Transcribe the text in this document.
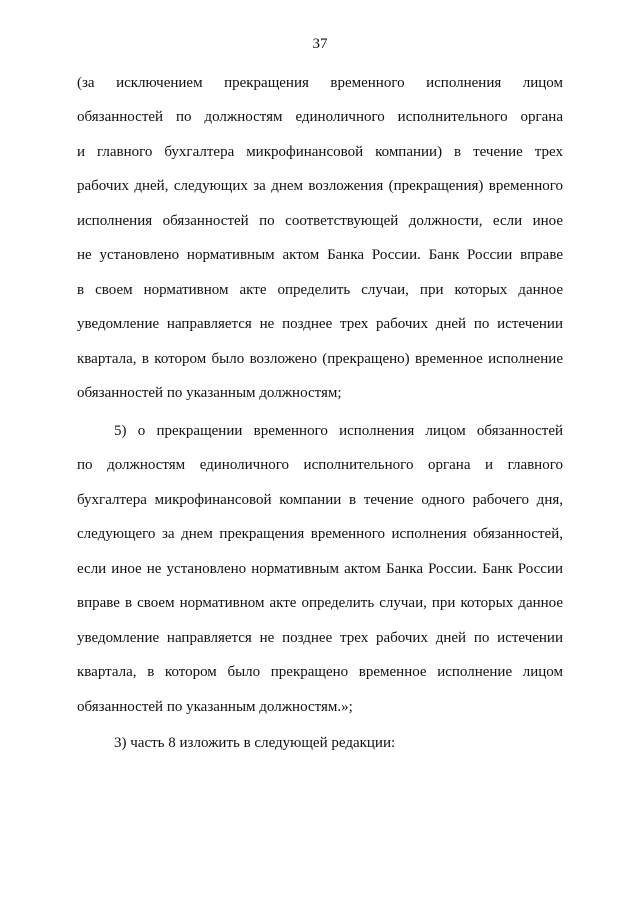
37
(за исключением прекращения временного исполнения лицом
обязанностей по должностям единоличного исполнительного органа
и главного бухгалтера микрофинансовой компании) в течение трех
рабочих дней, следующих за днем возложения (прекращения) временного
исполнения обязанностей по соответствующей должности, если иное
не установлено нормативным актом Банка России. Банк России вправе
в своем нормативном акте определить случаи, при которых данное
уведомление направляется не позднее трех рабочих дней по истечении
квартала, в котором было возложено (прекращено) временное исполнение
обязанностей по указанным должностям;
5) о прекращении временного исполнения лицом обязанностей
по должностям единоличного исполнительного органа и главного
бухгалтера микрофинансовой компании в течение одного рабочего дня,
следующего за днем прекращения временного исполнения обязанностей,
если иное не установлено нормативным актом Банка России. Банк России
вправе в своем нормативном акте определить случаи, при которых данное
уведомление направляется не позднее трех рабочих дней по истечении
квартала, в котором было прекращено временное исполнение лицом
обязанностей по указанным должностям.»;
3) часть 8 изложить в следующей редакции:
